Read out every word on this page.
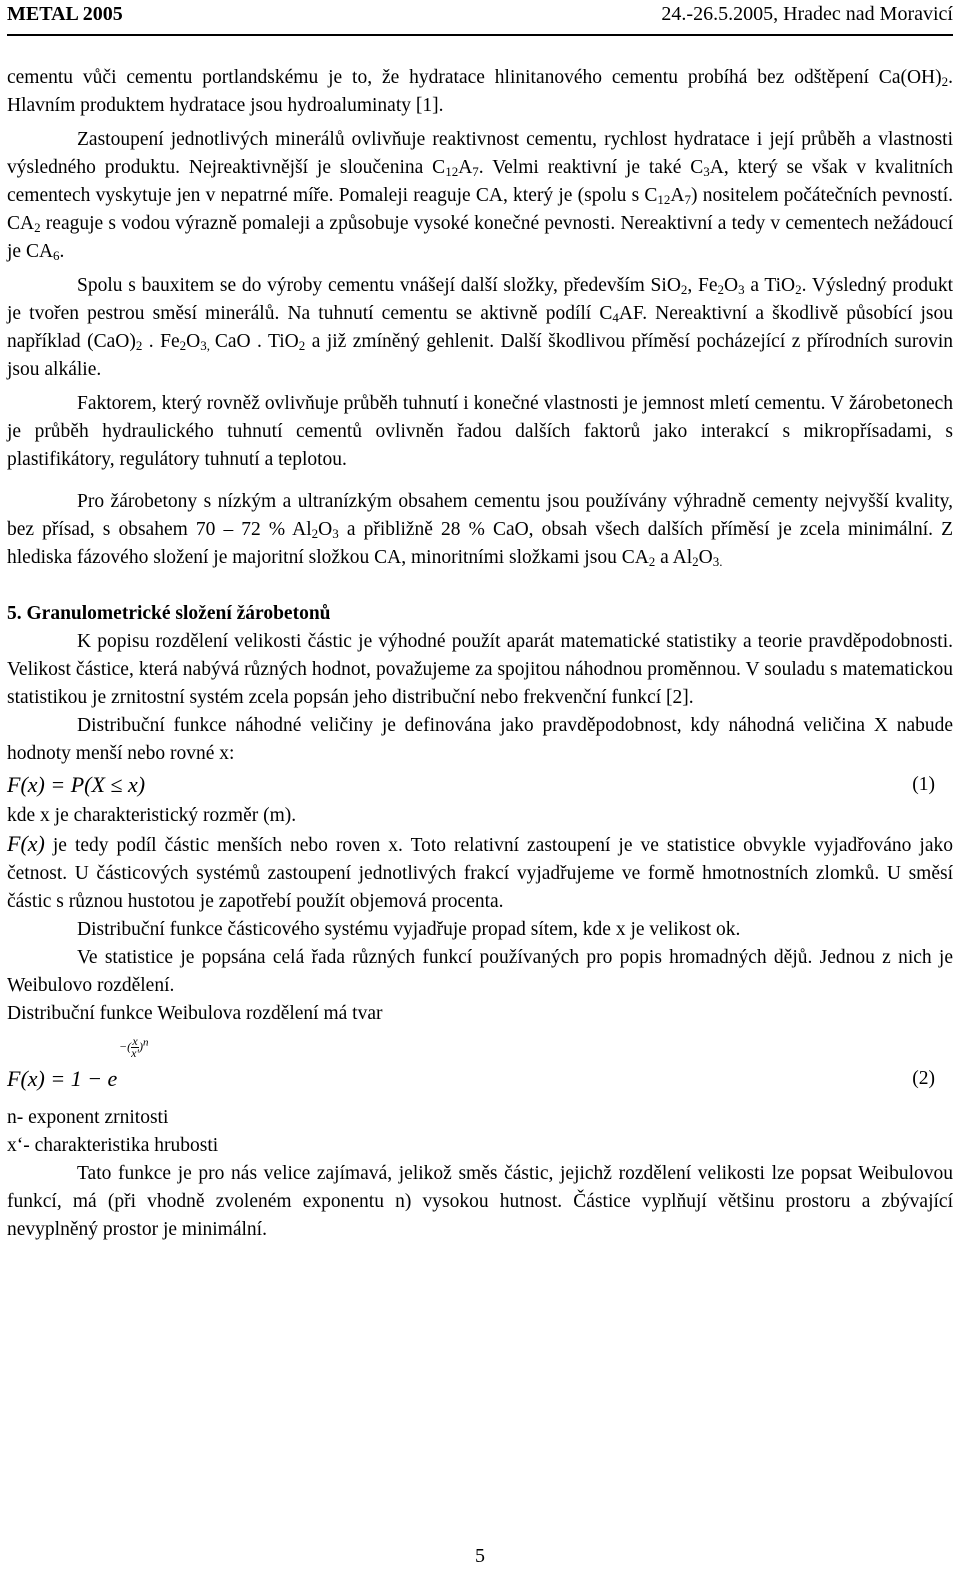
METAL 2005	24.-26.5.2005, Hradec nad Moravicí

cementu vůči cementu portlandskému je to, že hydratace hlinitanového cementu probíhá bez odštěpení $Ca(OH)_2$. Hlavním produktem hydratace jsou hydroaluminaty [1].

Zastoupení jednotlivých minerálů ovlivňuje reaktivnost cementu, rychlost hydratace i její průběh a vlastnosti výsledného produktu. Nejreaktivnější je sloučenina $C_{12}A_7$. Velmi reaktivní je také $C_3A$, který se však v kvalitních cementech vyskytuje jen v nepatrné míře. Pomaleji reaguje CA, který je (spolu s $C_{12}A_7$) nositelem počátečních pevností. $CA_2$ reaguje s vodou výrazně pomaleji a způsobuje vysoké konečné pevnosti. Nereaktivní a tedy v cementech nežádoucí je $CA_6$.

Spolu s bauxitem se do výroby cementu vnášejí další složky, především SiO$_2$, $Fe_2O_3$ a TiO$_2$. Výsledný produkt je tvořen pestrou směsí minerálů. Na tuhnutí cementu se aktivně podílí $C_4AF$. Nereaktivní a škodlivě působící jsou například $(CaO)_2$ . $Fe_2O_{3,}$ CaO . TiO$_2$ a již zmíněný gehlenit. Další škodlivou příměsí pocházející z přírodních surovin jsou alkálie.

Faktorem, který rovněž ovlivňuje průběh tuhnutí i konečné vlastnosti je jemnost mletí cementu. V žárobetonech je průběh hydraulického tuhnutí cementů ovlivněn řadou dalších faktorů jako interakcí s mikropřísadami, s plastifikátory, regulátory tuhnutí a teplotou.

Pro žárobetony s nízkým a ultranízkým obsahem cementu jsou používány výhradně cementy nejvyšší kvality, bez přísad, s obsahem 70 – 72 % $Al_2O_3$ a přibližně 28 % CaO, obsah všech dalších příměsí je zcela minimální. Z hlediska fázového složení je majoritní složkou CA, minoritními složkami jsou $CA_2$ a $Al_2O_{3.}$

5. Granulometrické složení žárobetonů

K popisu rozdělení velikosti částic je výhodné použít aparát matematické statistiky a teorie pravděpodobnosti. Velikost částice, která nabývá různých hodnot, považujeme za spojitou náhodnou proměnnou. V souladu s matematickou statistikou je zrnitostní systém zcela popsán jeho distribuční nebo frekvenční funkcí [2].

Distribuční funkce náhodné veličiny je definována jako pravděpodobnost, kdy náhodná veličina X nabude hodnoty menší nebo rovné x:

F(x) = P(X ≤ x)	(1)

kde x je charakteristický rozměr (m).

F(x) je tedy podíl částic menších nebo roven x. Toto relativní zastoupení je ve statistice obvykle vyjadřováno jako četnost. U částicových systémů zastoupení jednotlivých frakcí vyjadřujeme ve formě hmotnostních zlomků. U směsí částic s různou hustotou je zapotřebí použít objemová procenta.

Distribuční funkce částicového systému vyjadřuje propad sítem, kde x je velikost ok.

Ve statistice je popsána celá řada různých funkcí používaných pro popis hromadných dějů. Jednou z nich je Weibulovo rozdělení.

Distribuční funkce Weibulova rozdělení má tvar

F(x) = 1 − e
−( $\frac{x}{x'} )^n$
(2)

n- exponent zrnitosti

x‘- charakteristika hrubosti

Tato funkce je pro nás velice zajímavá, jelikož směs částic, jejichž rozdělení velikosti lze popsat Weibulovou funkcí, má (při vhodně zvoleném exponentu n) vysokou hutnost. Částice vyplňují většinu prostoru a zbývající nevyplněný prostor je minimální.

5
